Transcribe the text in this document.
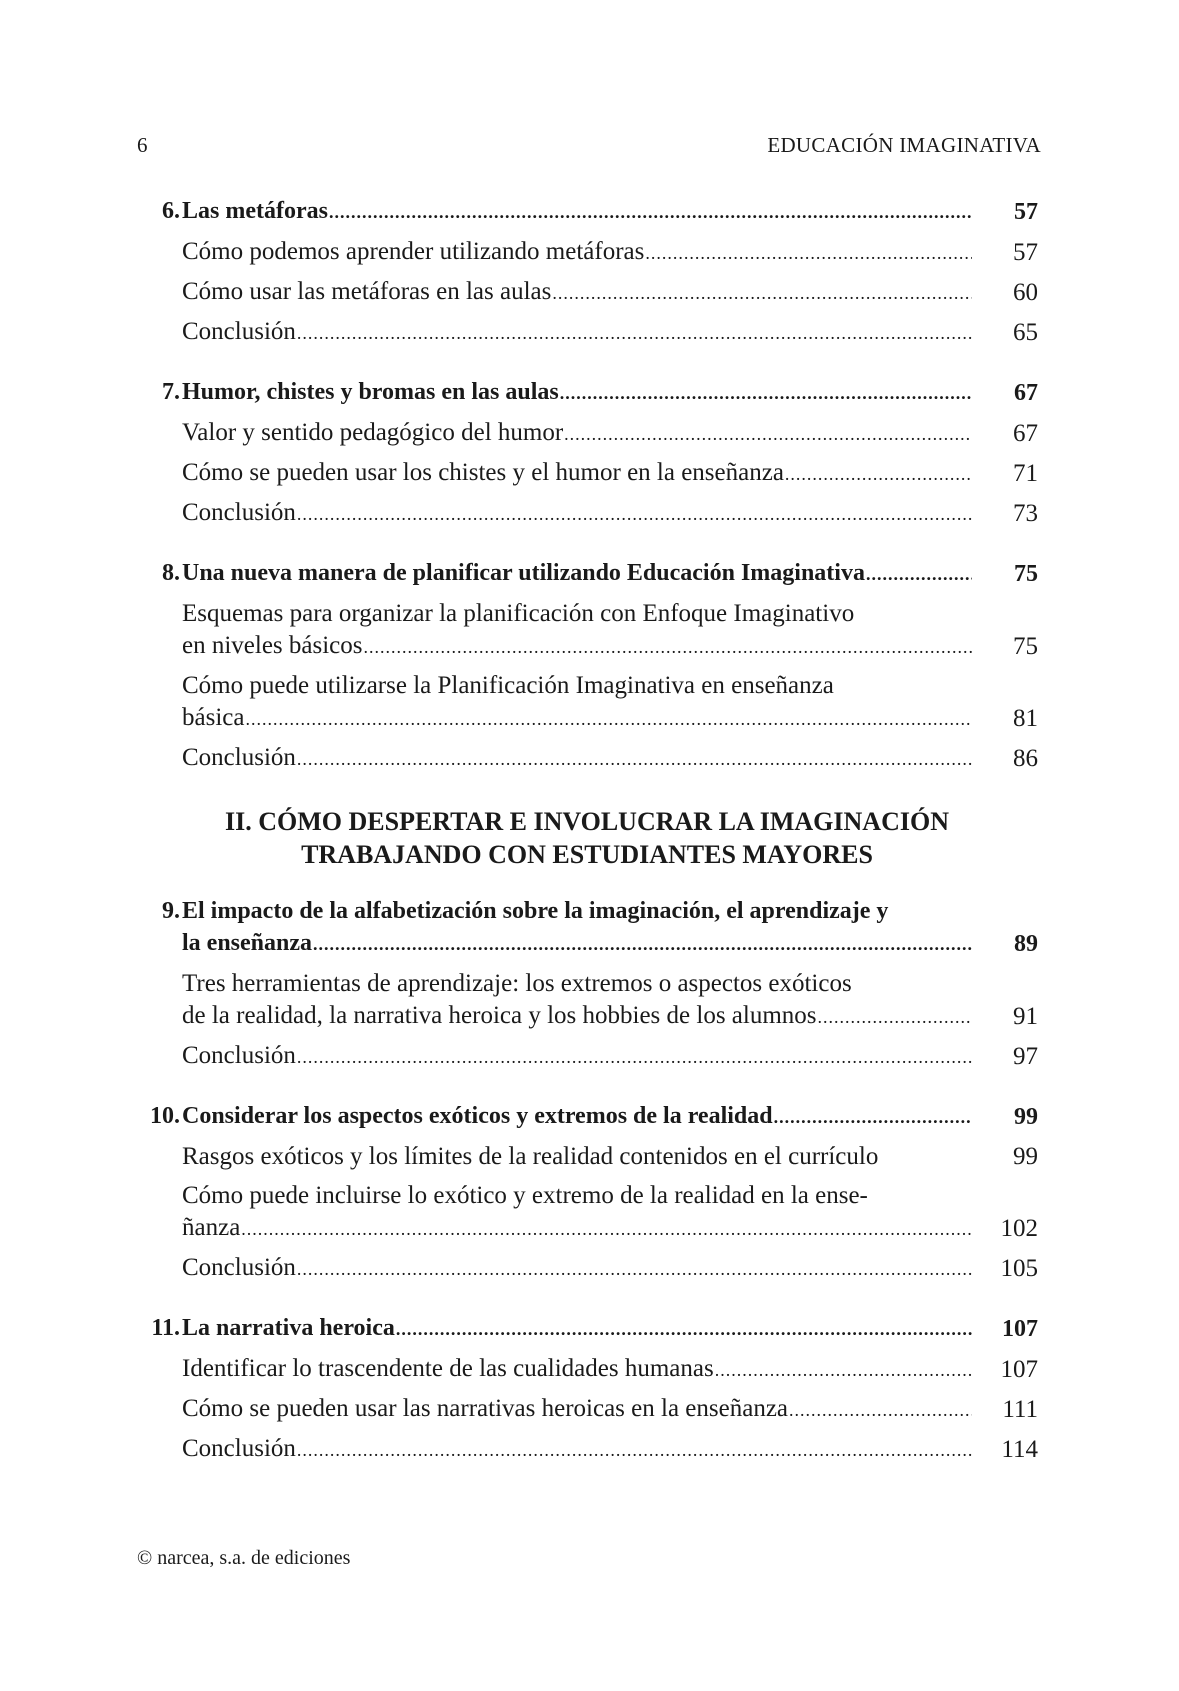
6	EDUCACIÓN IMAGINATIVA
6. Las metáforas .....	57
Cómo podemos aprender utilizando metáforas .....	57
Cómo usar las metáforas en las aulas .....	60
Conclusión .....	65
7. Humor, chistes y bromas en las aulas .....	67
Valor y sentido pedagógico del humor .....	67
Cómo se pueden usar los chistes y el humor en la enseñanza .....	71
Conclusión .....	73
8. Una nueva manera de planificar utilizando Educación Imaginativa .....	75
Esquemas para organizar la planificación con Enfoque Imaginativo
en niveles básicos .....	75
Cómo puede utilizarse la Planificación Imaginativa en enseñanza
básica .....	81
Conclusión .....	86
II. CÓMO DESPERTAR E INVOLUCRAR LA IMAGINACIÓN
TRABAJANDO CON ESTUDIANTES MAYORES
9. El impacto de la alfabetización sobre la imaginación, el aprendizaje y
la enseñanza .....	89
Tres herramientas de aprendizaje: los extremos o aspectos exóticos
de la realidad, la narrativa heroica y los hobbies de los alumnos .....	91
Conclusión .....	97
10. Considerar los aspectos exóticos y extremos de la realidad .....	99
Rasgos exóticos y los límites de la realidad contenidos en el currículo	99
Cómo puede incluirse lo exótico y extremo de la realidad en la ense-
ñanza .....	102
Conclusión .....	105
11. La narrativa heroica .....	107
Identificar lo trascendente de las cualidades humanas .....	107
Cómo se pueden usar las narrativas heroicas en la enseñanza .....	111
Conclusión .....	114
© narcea, s.a. de ediciones
